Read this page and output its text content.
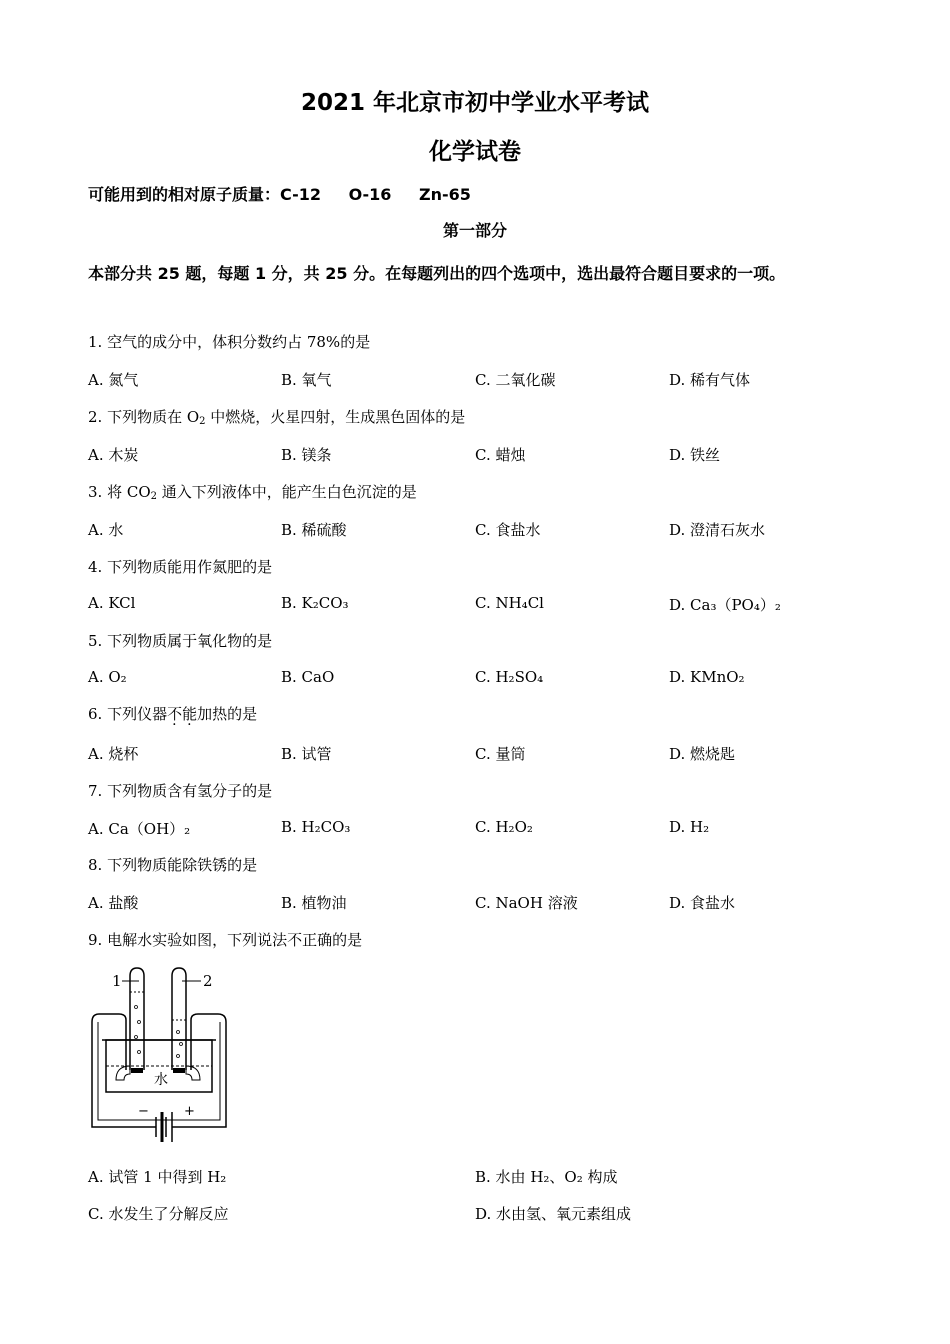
2021 年北京市初中学业水平考试
化学试卷
可能用到的相对原子质量：C-12 O-16 Zn-65
第一部分
本部分共 25 题，每题 1 分，共 25 分。在每题列出的四个选项中，选出最符合题目要求的一项。
1. 空气的成分中，体积分数约占 78%的是
A. 氮气	B. 氧气	C. 二氧化碳	D. 稀有气体
2. 下列物质在 $O_2$ 中燃烧，火星四射，生成黑色固体的是
A. 木炭	B. 镁条	C. 蜡烛	D. 铁丝
3. 将 $CO_2$ 通入下列液体中，能产生白色沉淀的是
A. 水	B. 稀硫酸	C. 食盐水	D. 澄清石灰水
4. 下列物质能用作氮肥的是
A. KCl	B. K₂CO₃	C. NH₄Cl	D. Ca₃（PO₄）₂
5. 下列物质属于氧化物的是
A. O₂	B. CaO	C. H₂SO₄	D. KMnO₂
6. 下列仪器不能加热的是
A. 烧杯	B. 试管	C. 量筒	D. 燃烧匙
7. 下列物质含有氢分子的是
A. Ca（OH）₂	B. H₂CO₃	C. H₂O₂	D. H₂
8. 下列物质能除铁锈的是
A. 盐酸	B. 植物油	C. NaOH 溶液	D. 食盐水
9. 电解水实验如图，下列说法不正确的是
1	2
−	+
水
A. 试管 1 中得到 H₂	B. 水由 H₂、O₂ 构成
C. 水发生了分解反应	D. 水由氢、氧元素组成
